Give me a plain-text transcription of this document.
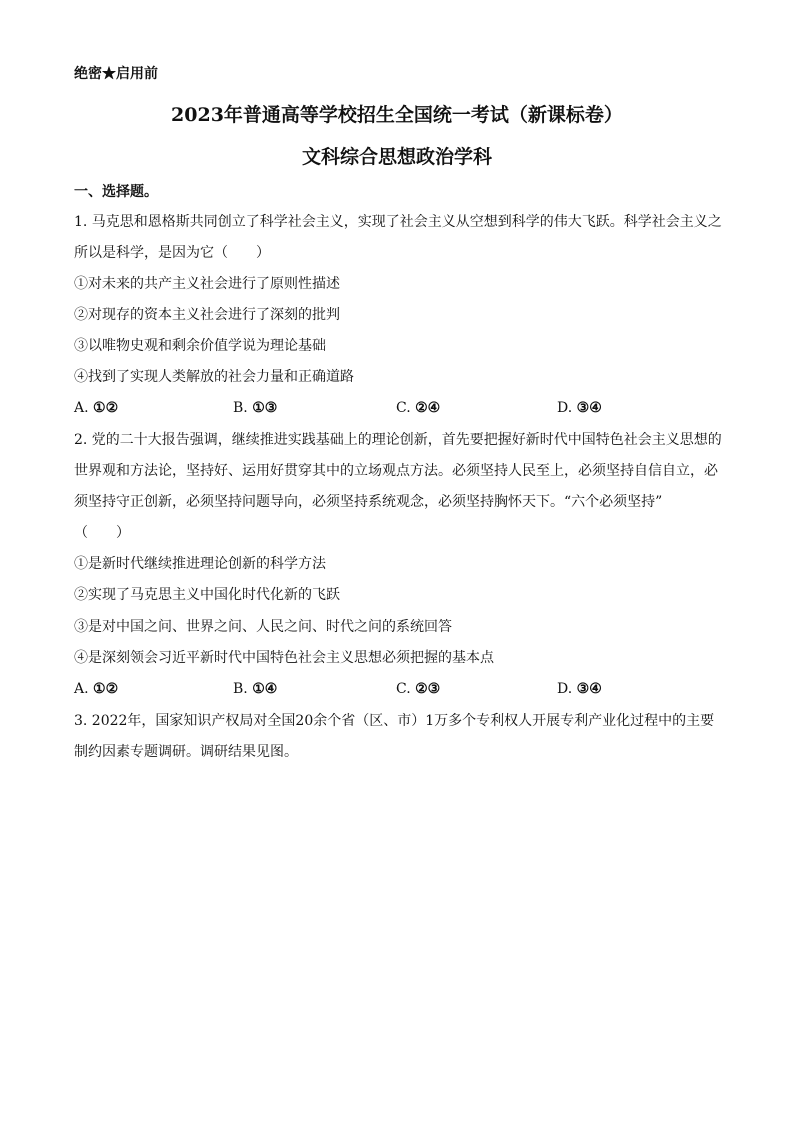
绝密★启用前
2023年普通高等学校招生全国统一考试（新课标卷）
文科综合思想政治学科
一、选择题。
1. 马克思和恩格斯共同创立了科学社会主义，实现了社会主义从空想到科学的伟大飞跃。科学社会主义之
所以是科学，是因为它（　　）
①对未来的共产主义社会进行了原则性描述
②对现存的资本主义社会进行了深刻的批判
③以唯物史观和剩余价值学说为理论基础
④找到了实现人类解放的社会力量和正确道路
A. ①②	B. ①③	C. ②④	D. ③④
2. 党的二十大报告强调，继续推进实践基础上的理论创新，首先要把握好新时代中国特色社会主义思想的
世界观和方法论，坚持好、运用好贯穿其中的立场观点方法。必须坚持人民至上，必须坚持自信自立，必
须坚持守正创新，必须坚持问题导向，必须坚持系统观念，必须坚持胸怀天下。“六个必须坚持”
（　　）
①是新时代继续推进理论创新的科学方法
②实现了马克思主义中国化时代化新的飞跃
③是对中国之问、世界之问、人民之问、时代之问的系统回答
④是深刻领会习近平新时代中国特色社会主义思想必须把握的基本点
A. ①②	B. ①④	C. ②③	D. ③④
3. 2022年，国家知识产权局对全国20余个省（区、市）1万多个专利权人开展专利产业化过程中的主要
制约因素专题调研。调研结果见图。
